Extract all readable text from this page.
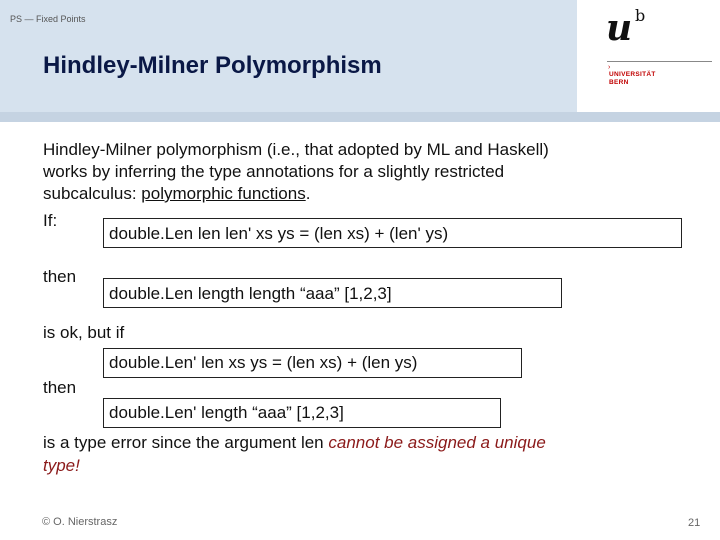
PS — Fixed Points
Hindley-Milner Polymorphism
u b
›
UNIVERSITÄT
BERN
Hindley-Milner polymorphism (i.e., that adopted by ML and Haskell)
works by inferring the type annotations for a slightly restricted
subcalculus: polymorphic functions.
If:
double.Len len len' xs ys = (len xs) + (len' ys)
then
double.Len length length “aaa” [1,2,3]
is ok, but if
double.Len' len xs ys = (len xs) + (len ys)
then
double.Len' length “aaa” [1,2,3]
is a type error since the argument len cannot be assigned a unique
type!
© O. Nierstrasz	21
